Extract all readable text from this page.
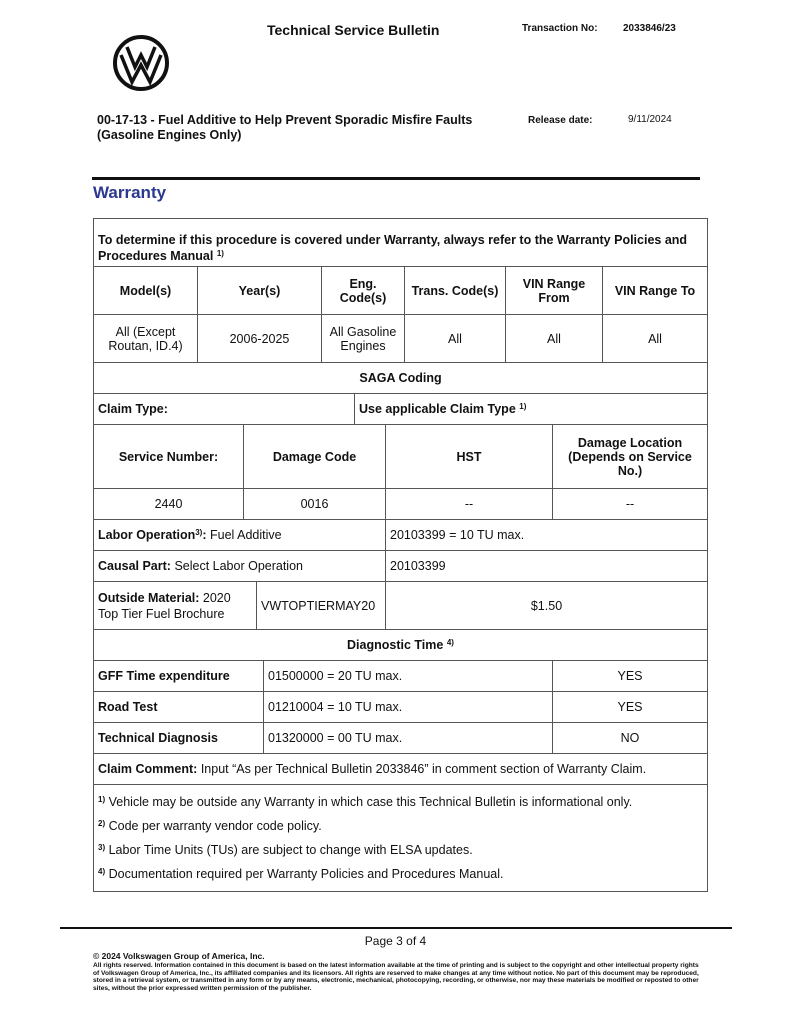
Technical Service Bulletin	Transaction No:	2033846/23
00-17-13 - Fuel Additive to Help Prevent Sporadic Misfire Faults (Gasoline Engines Only)
Release date:	9/11/2024
Warranty
To determine if this procedure is covered under Warranty, always refer to the Warranty Policies and Procedures Manual $^{1)}$
Model(s)	Year(s)	Eng. Code(s)	Trans. Code(s)	VIN Range From	VIN Range To
All (Except Routan, ID.4)	2006-2025	All Gasoline Engines	All	All	All
SAGA Coding
Claim Type:	Use applicable Claim Type $^{1)}$
Service Number:	Damage Code	HST	Damage Location (Depends on Service No.)
2440	0016	--	--
Labor Operation$^{3)}$: Fuel Additive	20103399 = 10 TU max.
Causal Part: Select Labor Operation	20103399
Outside Material: 2020 Top Tier Fuel Brochure	VWTOPTIERMAY20	$1.50
Diagnostic Time $^{4)}$
GFF Time expenditure	01500000 = 20 TU max.	YES
Road Test	01210004 = 10 TU max.	YES
Technical Diagnosis	01320000 = 00 TU max.	NO
Claim Comment: Input “As per Technical Bulletin 2033846” in comment section of Warranty Claim.

$^{1)}$ Vehicle may be outside any Warranty in which case this Technical Bulletin is informational only.
$^{2)}$ Code per warranty vendor code policy.
$^{3)}$ Labor Time Units (TUs) are subject to change with ELSA updates.
$^{4)}$ Documentation required per Warranty Policies and Procedures Manual.
Page 3 of 4
© 2024 Volkswagen Group of America, Inc.
All rights reserved. Information contained in this document is based on the latest information available at the time of printing and is subject to the copyright and other intellectual property rights of Volkswagen Group of America, Inc., its affiliated companies and its licensors. All rights are reserved to make changes at any time without notice. No part of this document may be reproduced, stored in a retrieval system, or transmitted in any form or by any means, electronic, mechanical, photocopying, recording, or otherwise, nor may these materials be modified or reposted to other sites, without the prior expressed written permission of the publisher.
